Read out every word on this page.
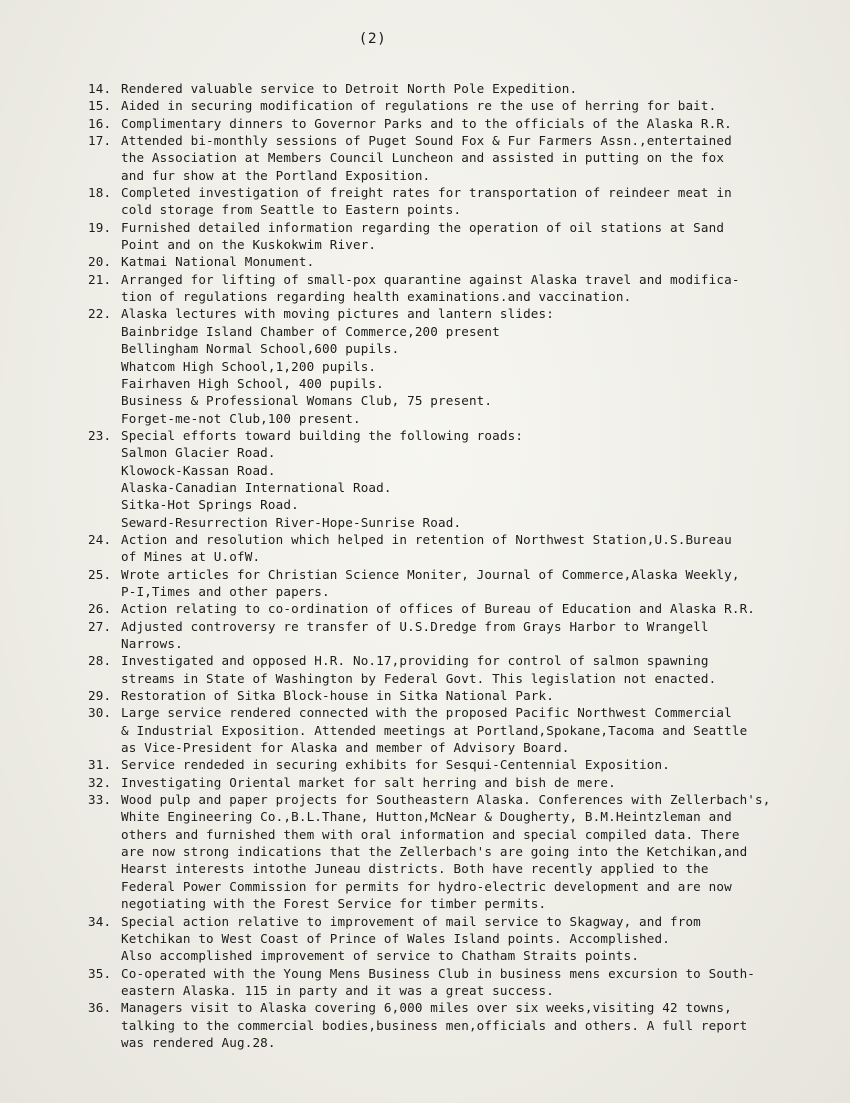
(2)
14. Rendered valuable service to Detroit North Pole Expedition.
15. Aided in securing modification of regulations re the use of herring for bait.
16. Complimentary dinners to Governor Parks and to the officials of the Alaska R.R.
17. Attended bi-monthly sessions of Puget Sound Fox & Fur Farmers Assn.,entertained
the Association at Members Council Luncheon and assisted in putting on the fox
and fur show at the Portland Exposition.
18. Completed investigation of freight rates for transportation of reindeer meat in
cold storage from Seattle to Eastern points.
19. Furnished detailed information regarding the operation of oil stations at Sand
Point and on the Kuskokwim River.
20. Katmai National Monument.
21. Arranged for lifting of small-pox quarantine against Alaska travel and modifica-
tion of regulations regarding health examinations.and vaccination.
22. Alaska lectures with moving pictures and lantern slides:
Bainbridge Island Chamber of Commerce,200 present
Bellingham Normal School,600 pupils.
Whatcom High School,1,200 pupils.
Fairhaven High School, 400 pupils.
Business & Professional Womans Club, 75 present.
Forget-me-not Club,100 present.
23. Special efforts toward building the following roads:
Salmon Glacier Road.
Klowock-Kassan Road.
Alaska-Canadian International Road.
Sitka-Hot Springs Road.
Seward-Resurrection River-Hope-Sunrise Road.
24. Action and resolution which helped in retention of Northwest Station,U.S.Bureau
of Mines at U.ofW.
25. Wrote articles for Christian Science Moniter, Journal of Commerce,Alaska Weekly,
P-I,Times and other papers.
26. Action relating to co-ordination of offices of Bureau of Education and Alaska R.R.
27. Adjusted controversy re transfer of U.S.Dredge from Grays Harbor to Wrangell
Narrows.
28. Investigated and opposed H.R. No.17,providing for control of salmon spawning
streams in State of Washington by Federal Govt. This legislation not enacted.
29. Restoration of Sitka Block-house in Sitka National Park.
30. Large service rendered connected with the proposed Pacific Northwest Commercial
& Industrial Exposition. Attended meetings at Portland,Spokane,Tacoma and Seattle
as Vice-President for Alaska and member of Advisory Board.
31. Service rendeded in securing exhibits for Sesqui-Centennial Exposition.
32. Investigating Oriental market for salt herring and bish de mere.
33. Wood pulp and paper projects for Southeastern Alaska. Conferences with Zellerbach's,
White Engineering Co.,B.L.Thane, Hutton,McNear & Dougherty, B.M.Heintzleman and
others and furnished them with oral information and special compiled data. There
are now strong indications that the Zellerbach's are going into the Ketchikan,and
Hearst interests intothe Juneau districts. Both have recently applied to the
Federal Power Commission for permits for hydro-electric development and are now
negotiating with the Forest Service for timber permits.
34. Special action relative to improvement of mail service to Skagway, and from
Ketchikan to West Coast of Prince of Wales Island points. Accomplished.
Also accomplished improvement of service to Chatham Straits points.
35. Co-operated with the Young Mens Business Club in business mens excursion to South-
eastern Alaska. 115 in party and it was a great success.
36. Managers visit to Alaska covering 6,000 miles over six weeks,visiting 42 towns,
talking to the commercial bodies,business men,officials and others. A full report
was rendered Aug.28.
